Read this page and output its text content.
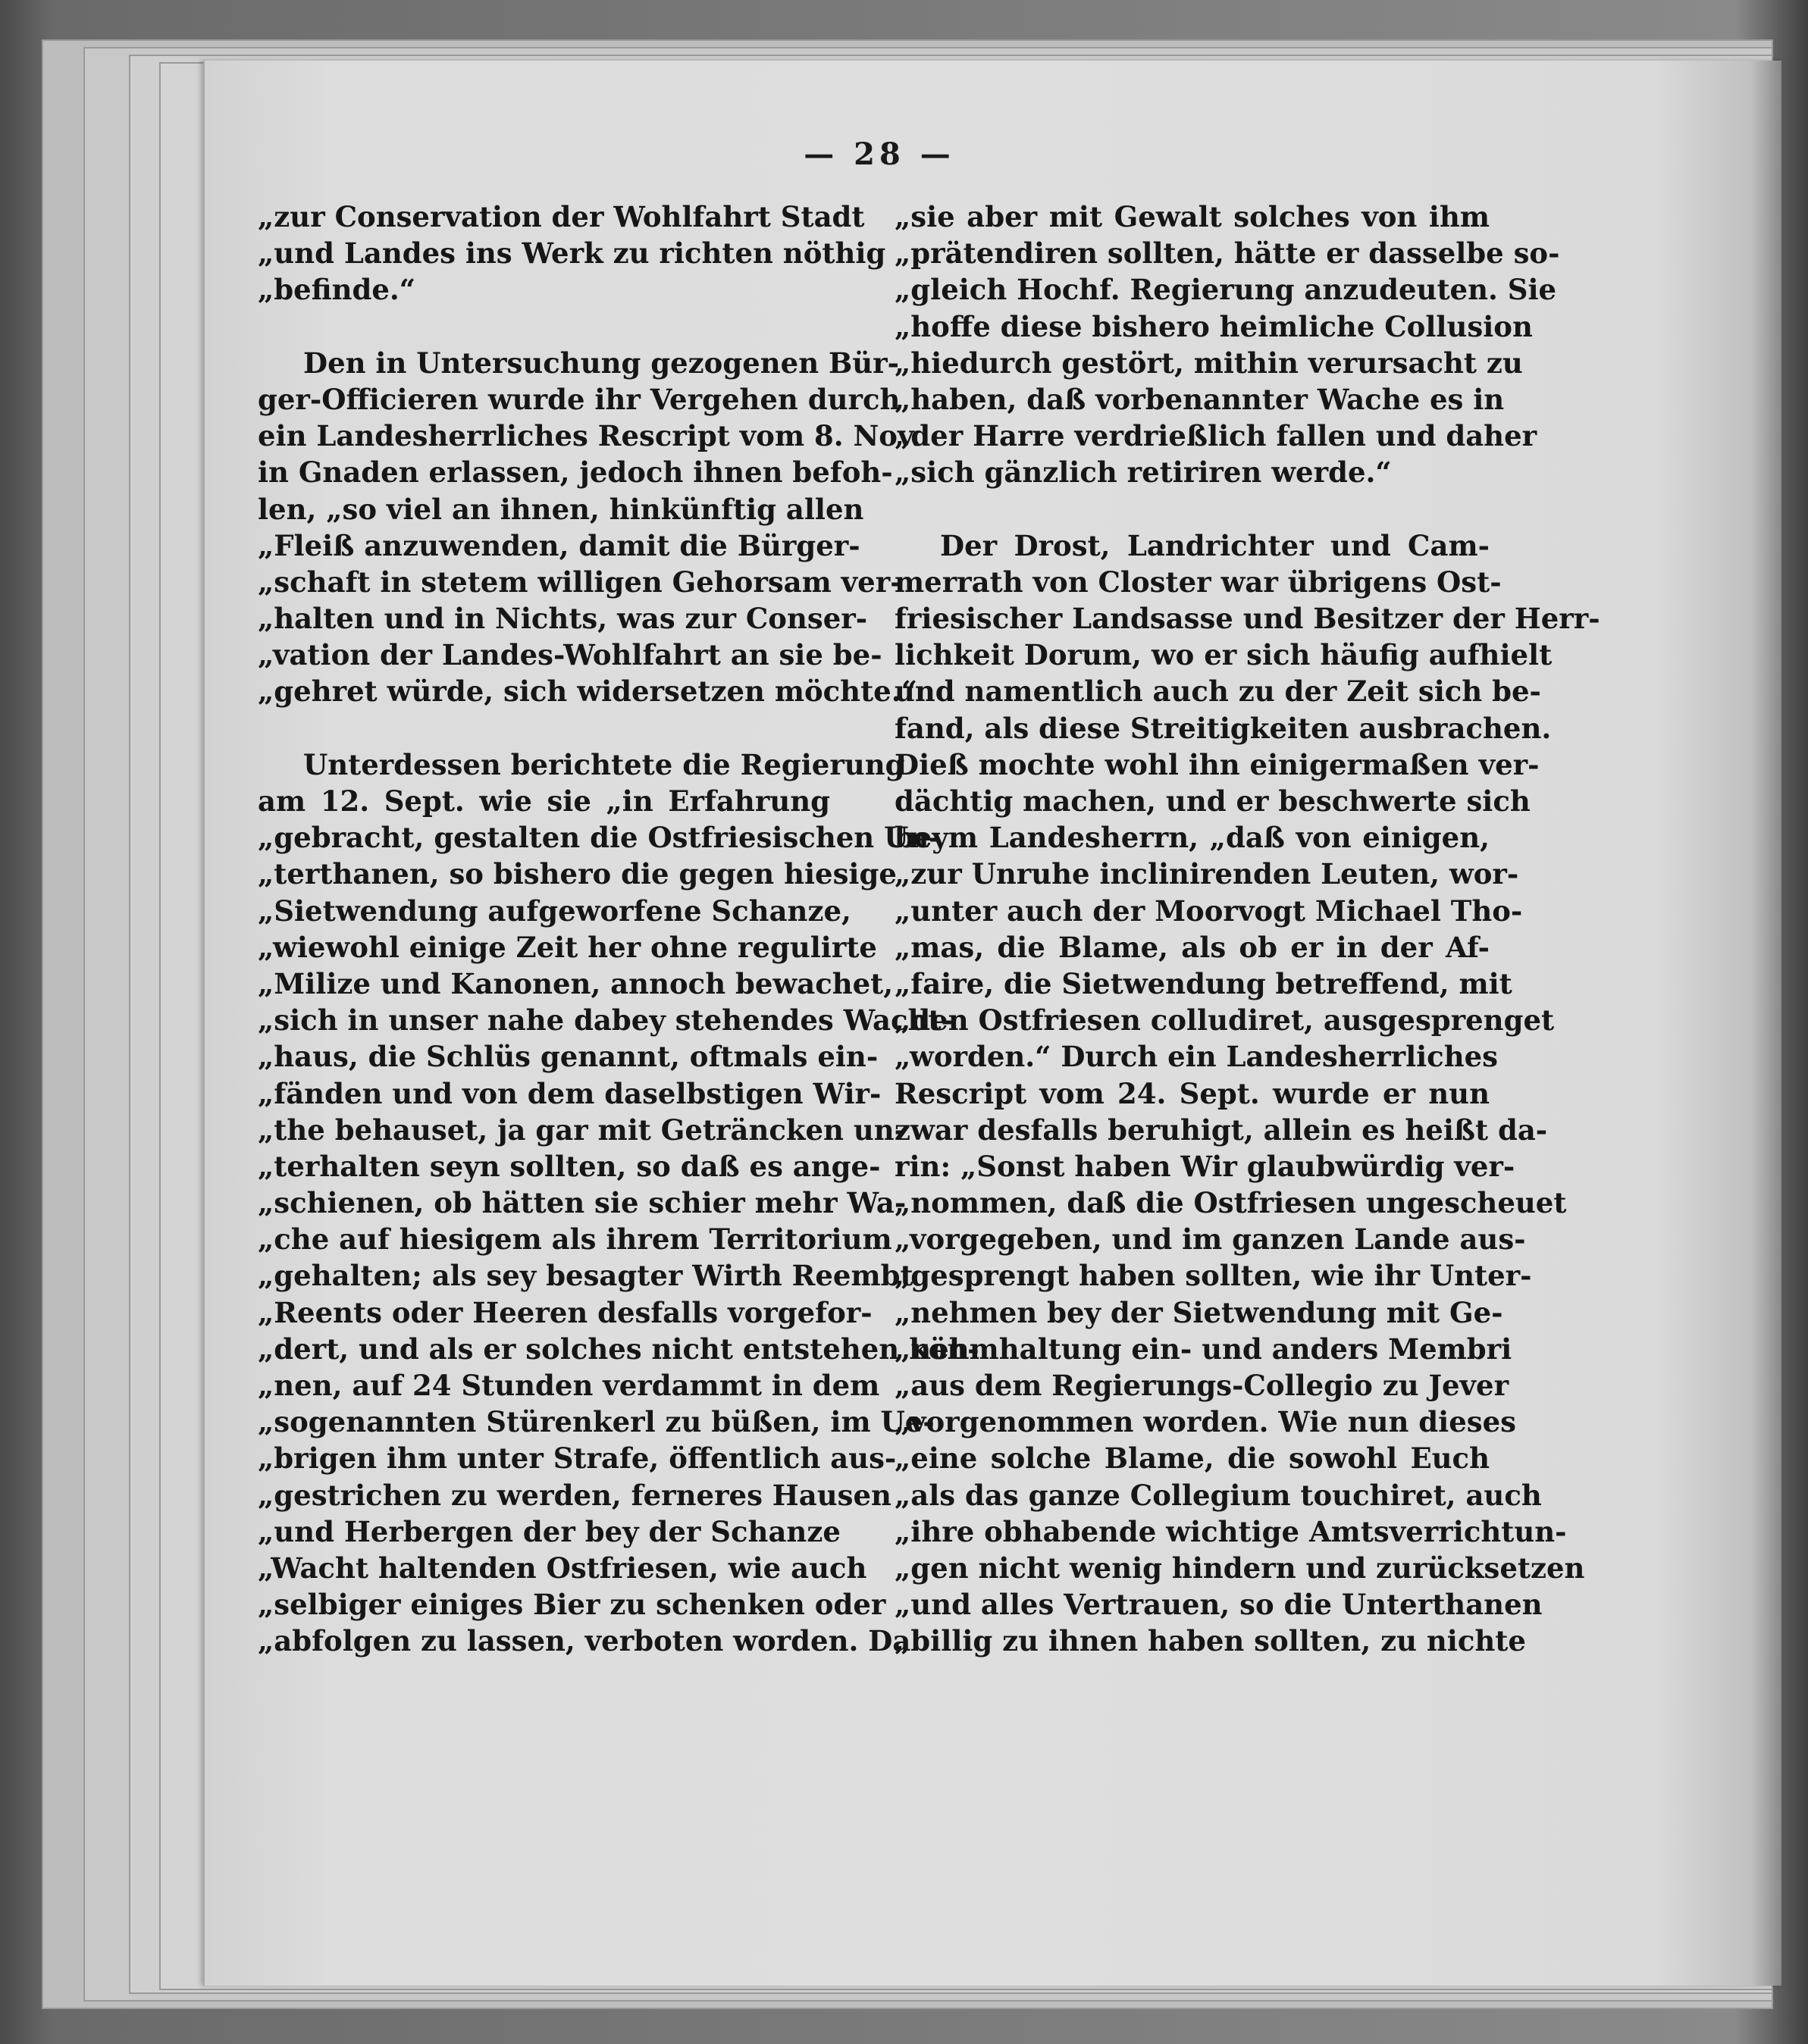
— 28 —
„zur Conservation der Wohlfahrt Stadt
„und Landes ins Werk zu richten nöthig
„befinde.“
Den in Untersuchung gezogenen Bür-
ger-Officieren wurde ihr Vergehen durch
ein Landesherrliches Rescript vom 8. Nov.
in Gnaden erlassen, jedoch ihnen befoh-
len, „so viel an ihnen, hinkünftig allen
„Fleiß anzuwenden, damit die Bürger-
„schaft in stetem willigen Gehorsam ver-
„halten und in Nichts, was zur Conser-
„vation der Landes-Wohlfahrt an sie be-
„gehret würde, sich widersetzen möchte.“
Unterdessen berichtete die Regierung
am 12. Sept. wie sie „in Erfahrung
„gebracht, gestalten die Ostfriesischen Un-
„terthanen, so bishero die gegen hiesige
„Sietwendung aufgeworfene Schanze,
„wiewohl einige Zeit her ohne regulirte
„Milize und Kanonen, annoch bewachet,
„sich in unser nahe dabey stehendes Wacht-
„haus, die Schlüs genannt, oftmals ein-
„fänden und von dem daselbstigen Wir-
„the behauset, ja gar mit Geträncken un-
„terhalten seyn sollten, so daß es ange-
„schienen, ob hätten sie schier mehr Wa-
„che auf hiesigem als ihrem Territorium
„gehalten; als sey besagter Wirth Reembt
„Reents oder Heeren desfalls vorgefor-
„dert, und als er solches nicht entstehen kön-
„nen, auf 24 Stunden verdammt in dem
„sogenannten Stürenkerl zu büßen, im Ue-
„brigen ihm unter Strafe, öffentlich aus-
„gestrichen zu werden, ferneres Hausen
„und Herbergen der bey der Schanze
„Wacht haltenden Ostfriesen, wie auch
„selbiger einiges Bier zu schenken oder
„abfolgen zu lassen, verboten worden. Da
„sie aber mit Gewalt solches von ihm
„prätendiren sollten, hätte er dasselbe so-
„gleich Hochf. Regierung anzudeuten. Sie
„hoffe diese bishero heimliche Collusion
„hiedurch gestört, mithin verursacht zu
„haben, daß vorbenannter Wache es in
„der Harre verdrießlich fallen und daher
„sich gänzlich retiriren werde.“
Der Drost, Landrichter und Cam-
merrath von Closter war übrigens Ost-
friesischer Landsasse und Besitzer der Herr-
lichkeit Dorum, wo er sich häufig aufhielt
und namentlich auch zu der Zeit sich be-
fand, als diese Streitigkeiten ausbrachen.
Dieß mochte wohl ihn einigermaßen ver-
dächtig machen, und er beschwerte sich
beym Landesherrn, „daß von einigen,
„zur Unruhe inclinirenden Leuten, wor-
„unter auch der Moorvogt Michael Tho-
„mas, die Blame, als ob er in der Af-
„faire, die Sietwendung betreffend, mit
„den Ostfriesen colludiret, ausgesprenget
„worden.“ Durch ein Landesherrliches
Rescript vom 24. Sept. wurde er nun
zwar desfalls beruhigt, allein es heißt da-
rin: „Sonst haben Wir glaubwürdig ver-
„nommen, daß die Ostfriesen ungescheuet
„vorgegeben, und im ganzen Lande aus-
„gesprengt haben sollten, wie ihr Unter-
„nehmen bey der Sietwendung mit Ge-
„nehmhaltung ein- und anders Membri
„aus dem Regierungs-Collegio zu Jever
„vorgenommen worden. Wie nun dieses
„eine solche Blame, die sowohl Euch
„als das ganze Collegium touchiret, auch
„ihre obhabende wichtige Amtsverrichtun-
„gen nicht wenig hindern und zurücksetzen
„und alles Vertrauen, so die Unterthanen
„billig zu ihnen haben sollten, zu nichte
